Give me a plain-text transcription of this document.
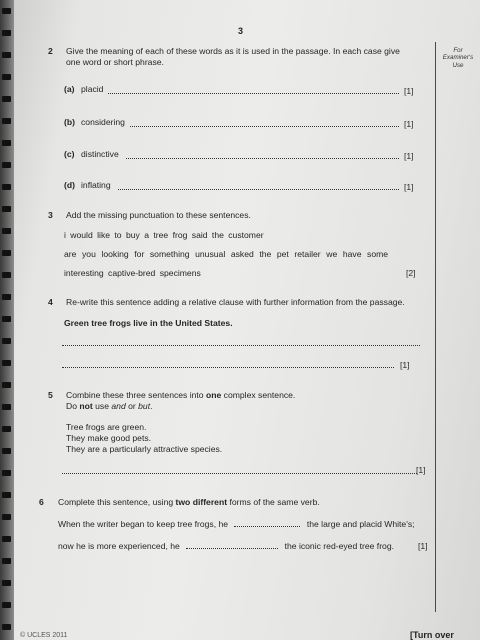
3
For
Examiner's
Use
2 Give the meaning of each of these words as it is used in the passage. In each case give
one word or short phrase.
(a) placid	[1]
(b) considering	[1]
(c) distinctive	[1]
(d) inflating	[1]
3 Add the missing punctuation to these sentences.
i would like to buy a tree frog said the customer
are you looking for something unusual asked the pet retailer we have some
interesting captive-bred specimens	[2]
4 Re-write this sentence adding a relative clause with further information from the passage.
Green tree frogs live in the United States.
[1]
5 Combine these three sentences into one complex sentence.
Do not use and or but.
Tree frogs are green.
They make good pets.
They are a particularly attractive species.
[1]
6 Complete this sentence, using two different forms of the same verb.
When the writer began to keep tree frogs, he	the large and placid White's;
now he is more experienced, he	the iconic red-eyed tree frog.	[1]
© UCLES 2011	[Turn over
